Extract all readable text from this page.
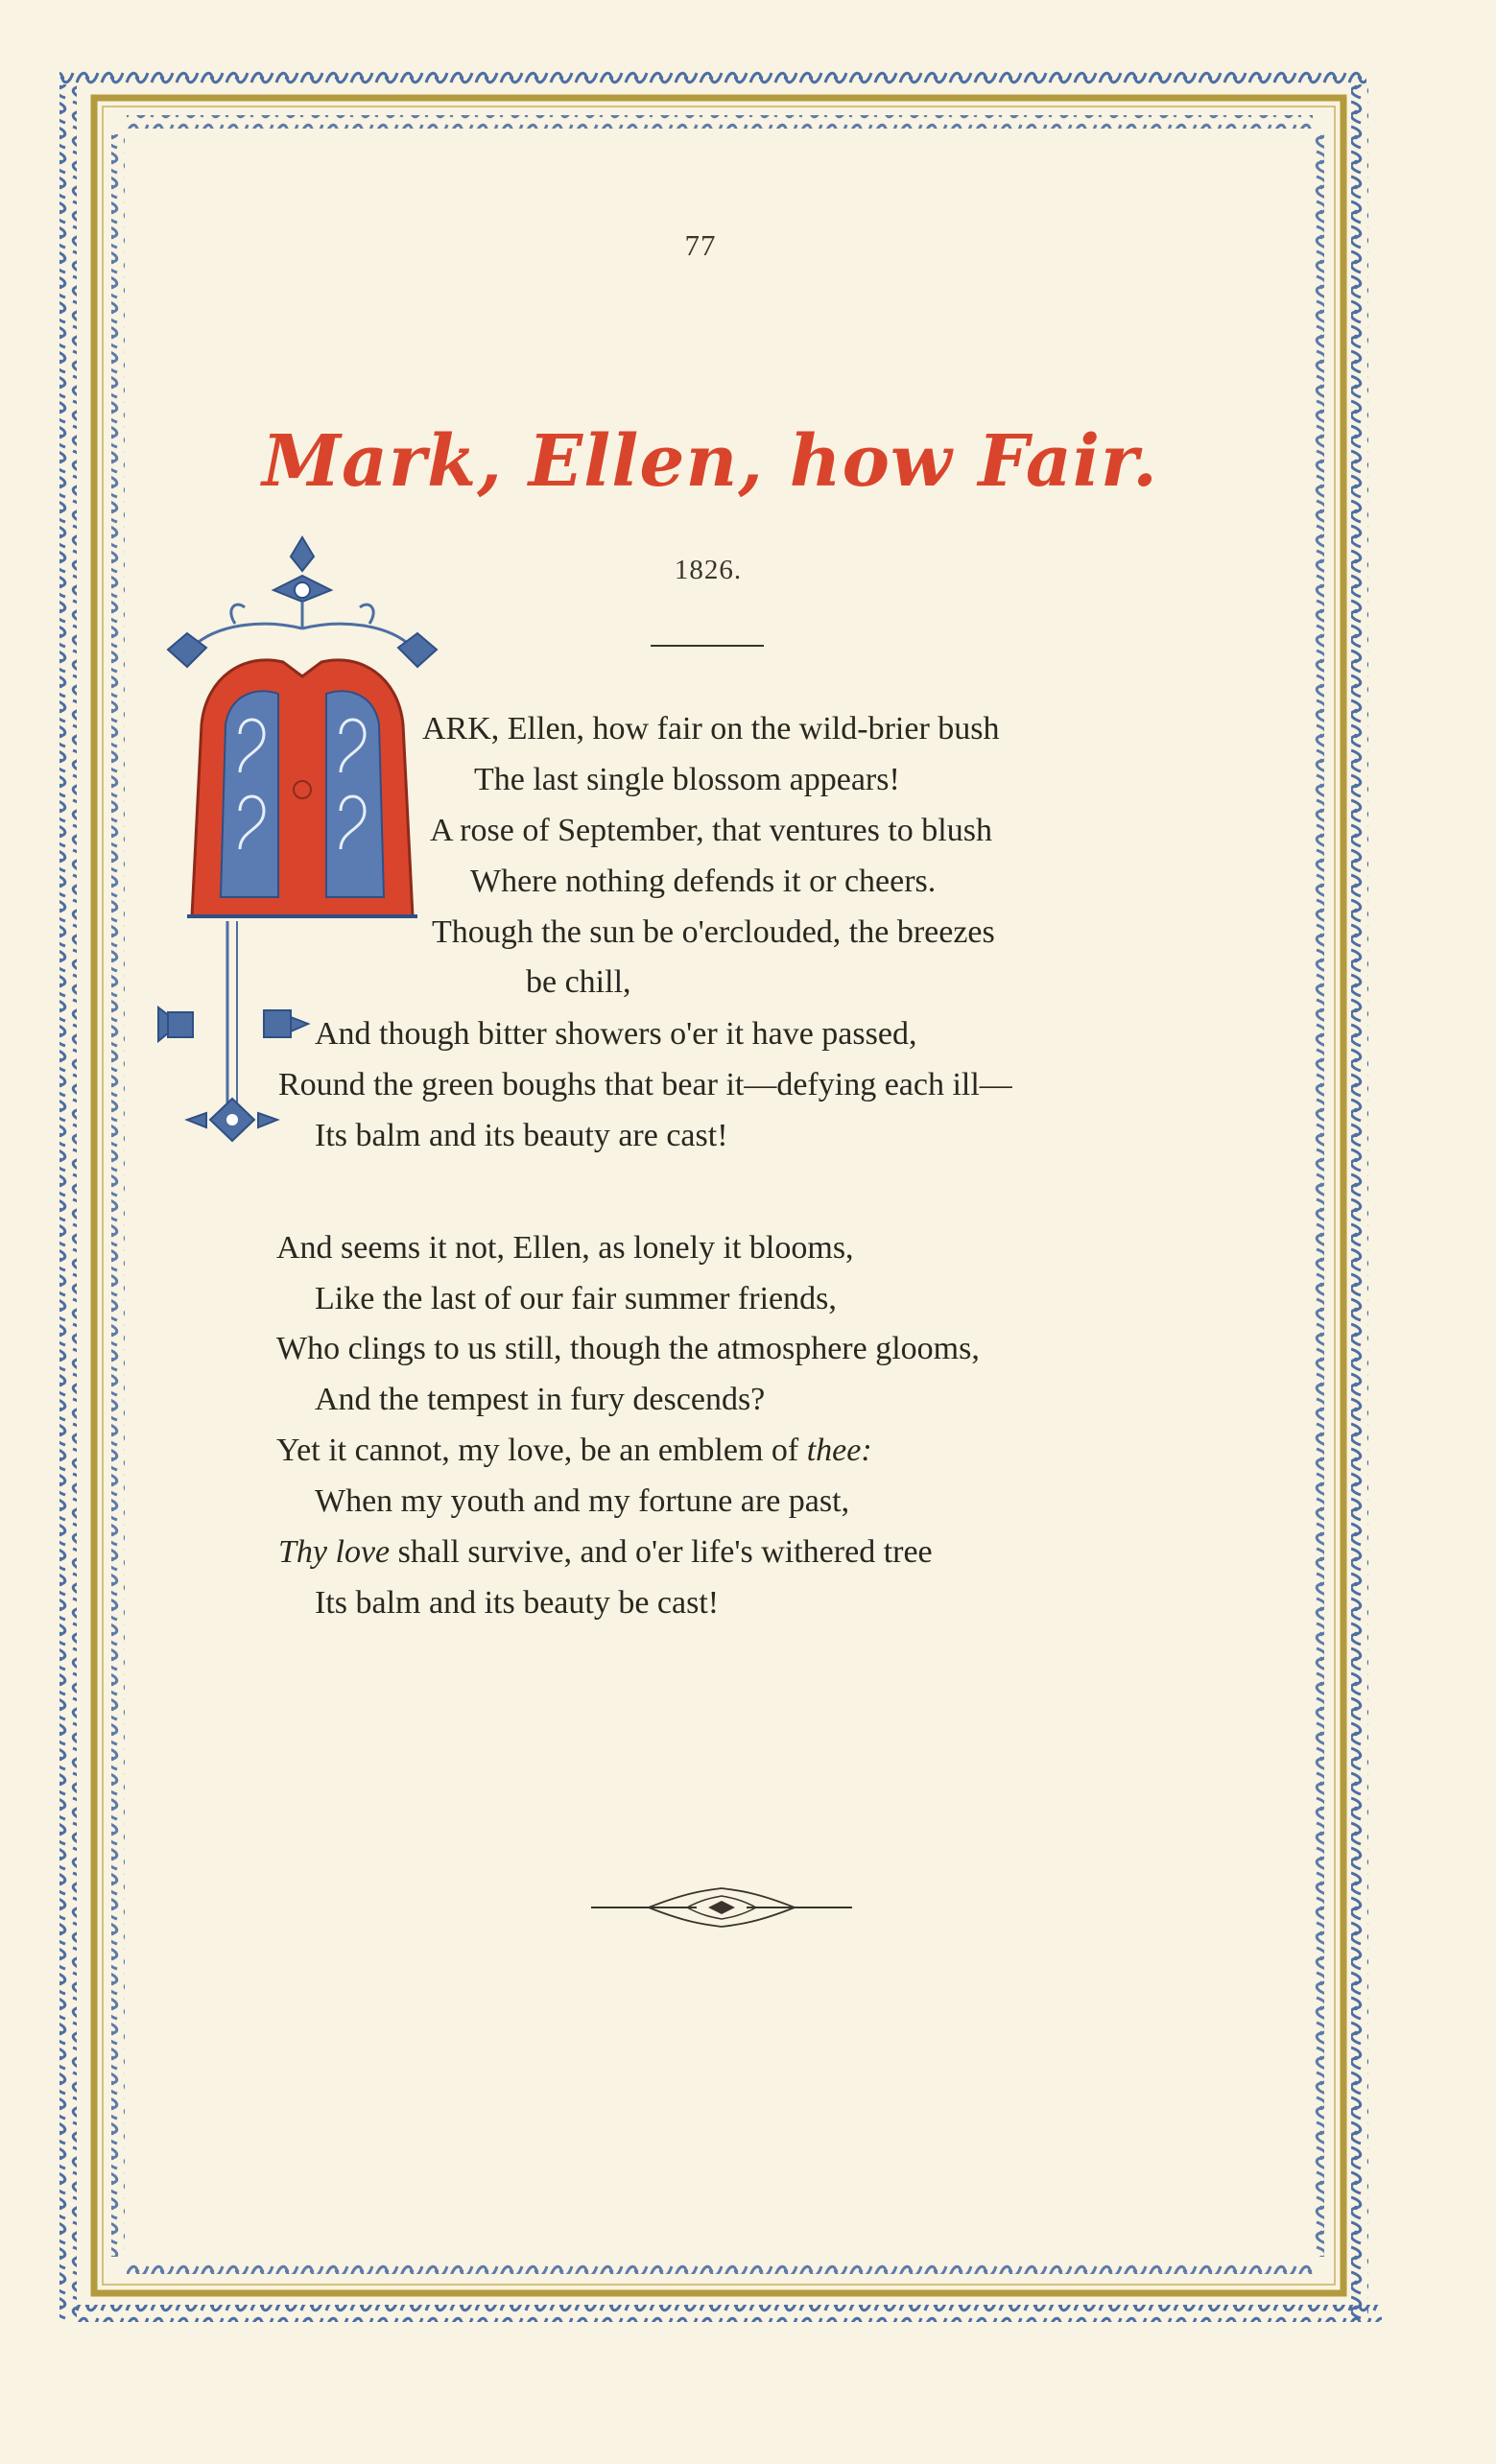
77
Mark, Ellen, how Fair.
1826.
ARK, Ellen, how fair on the wild-brier bush
The last single blossom appears!
A rose of September, that ventures to blush
Where nothing defends it or cheers.
Though the sun be o'erclouded, the breezes
be chill,
And though bitter showers o'er it have passed,
Round the green boughs that bear it—defying each ill—
Its balm and its beauty are cast!
And seems it not, Ellen, as lonely it blooms,
Like the last of our fair summer friends,
Who clings to us still, though the atmosphere glooms,
And the tempest in fury descends?
Yet it cannot, my love, be an emblem of thee:
When my youth and my fortune are past,
Thy love shall survive, and o'er life's withered tree
Its balm and its beauty be cast!
